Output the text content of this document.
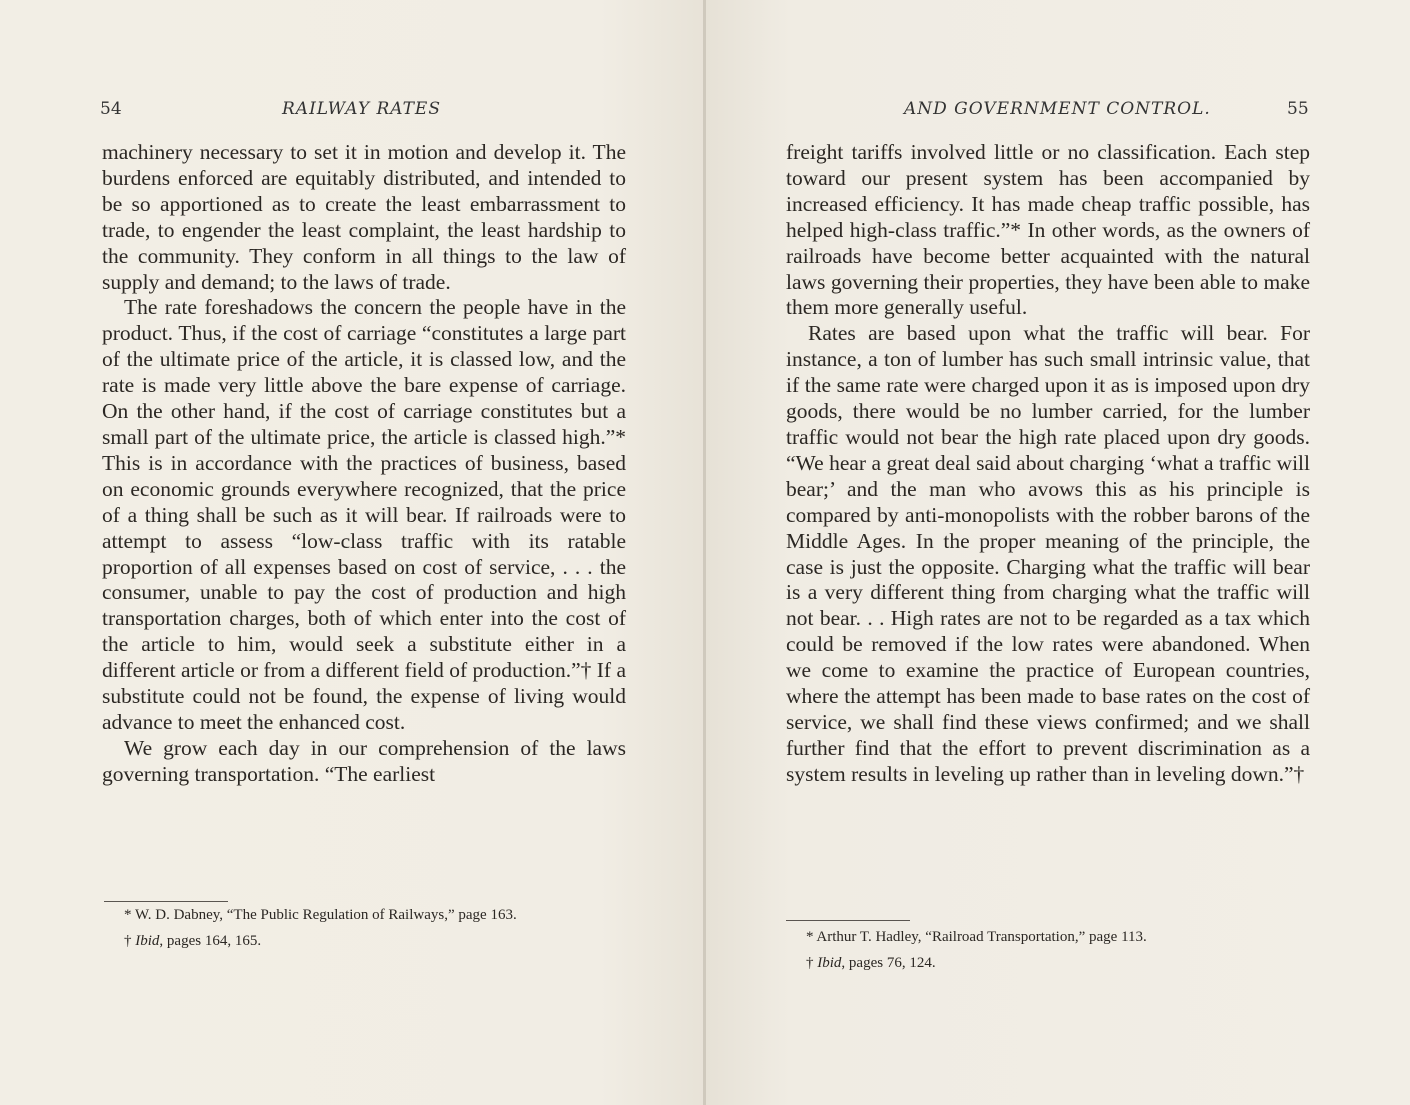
54	RAILWAY RATES

machinery necessary to set it in motion and develop it. The burdens enforced are equitably distributed, and intended to be so apportioned as to create the least embarrassment to trade, to engender the least complaint, the least hardship to the community. They conform in all things to the law of supply and demand; to the laws of trade.

The rate foreshadows the concern the people have in the product. Thus, if the cost of carriage “constitutes a large part of the ultimate price of the article, it is classed low, and the rate is made very little above the bare expense of carriage. On the other hand, if the cost of carriage constitutes but a small part of the ultimate price, the article is classed high.”* This is in accordance with the practices of business, based on economic grounds everywhere recognized, that the price of a thing shall be such as it will bear. If railroads were to attempt to assess “low-class traffic with its ratable proportion of all expenses based on cost of service, . . . the consumer, unable to pay the cost of production and high transportation charges, both of which enter into the cost of the article to him, would seek a substitute either in a different article or from a different field of production.”† If a substitute could not be found, the expense of living would advance to meet the enhanced cost.

We grow each day in our comprehension of the laws governing transportation. “The earliest

* W. D. Dabney, “The Public Regulation of Railways,” page 163.

† Ibid, pages 164, 165.

AND GOVERNMENT CONTROL.	55

freight tariffs involved little or no classification. Each step toward our present system has been accompanied by increased efficiency. It has made cheap traffic possible, has helped high-class traffic.”* In other words, as the owners of railroads have become better acquainted with the natural laws governing their properties, they have been able to make them more generally useful.

Rates are based upon what the traffic will bear. For instance, a ton of lumber has such small intrinsic value, that if the same rate were charged upon it as is imposed upon dry goods, there would be no lumber carried, for the lumber traffic would not bear the high rate placed upon dry goods. “We hear a great deal said about charging ‘what a traffic will bear;’ and the man who avows this as his principle is compared by anti-monopolists with the robber barons of the Middle Ages. In the proper meaning of the principle, the case is just the opposite. Charging what the traffic will bear is a very different thing from charging what the traffic will not bear. . . High rates are not to be regarded as a tax which could be removed if the low rates were abandoned. When we come to examine the practice of European countries, where the attempt has been made to base rates on the cost of service, we shall find these views confirmed; and we shall further find that the effort to prevent discrimination as a system results in leveling up rather than in leveling down.”†

* Arthur T. Hadley, “Railroad Transportation,” page 113.

† Ibid, pages 76, 124.
